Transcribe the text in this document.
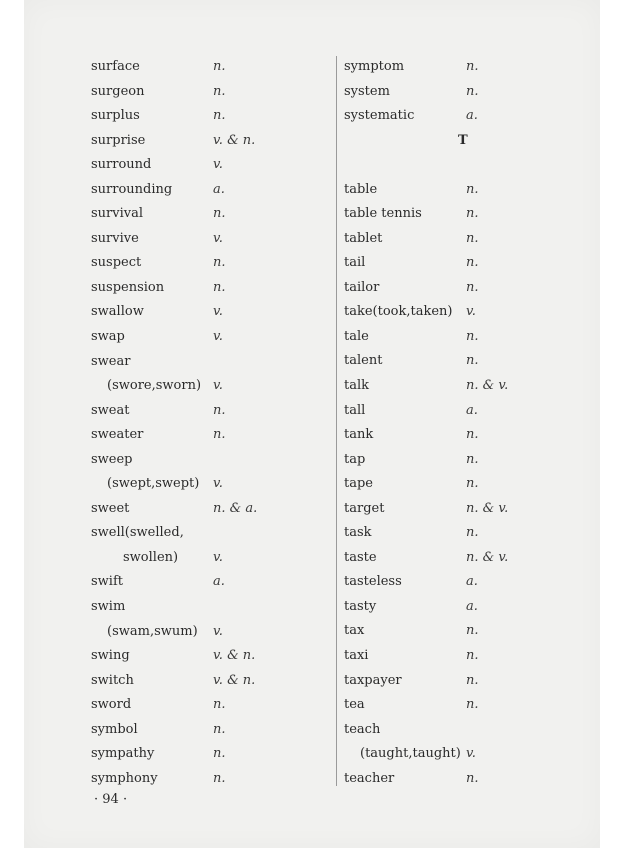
surface	n.
surgeon	n.
surplus	n.
surprise	v. & n.
surround	v.
surrounding	a.
survival	n.
survive	v.
suspect	n.
suspension	n.
swallow	v.
swap	v.
swear
(swore,sworn) v.
sweat	n.
sweater	n.
sweep
(swept,swept) v.
sweet	n. & a.
swell(swelled,
swollen)	v.
swift	a.
swim
(swam,swum) v.
swing	v. & n.
switch	v. & n.
sword	n.
symbol	n.
sympathy	n.
symphony	n.
symptom	n.
system	n.
systematic	a.
T
table	n.
table tennis	n.
tablet	n.
tail	n.
tailor	n.
take(took,taken) v.
tale	n.
talent	n.
talk	n. & v.
tall	a.
tank	n.
tap	n.
tape	n.
target	n. & v.
task	n.
taste	n. & v.
tasteless	a.
tasty	a.
tax	n.
taxi	n.
taxpayer	n.
tea	n.
teach
(taught,taught) v.
teacher	n.
· 94 ·
